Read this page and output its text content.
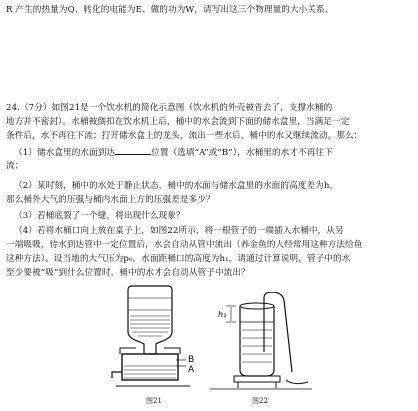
R 产生的热量为Q、转化的电能为E、做的功为W，请写出这三个物理量的大小关系。
24.（7分）如图21是一个饮水机的简化示意图（饮水机的外壳被省去了，支撑水桶的
地方并不密封）。水桶被倒扣在饮水机上后，桶中的水会流到下面的储水盒里，当满足一定
条件后，水不再往下流；打开储水盒上的龙头，流出一些水后，桶中的水又继续流动。那么：
（1）储水盒里的水面到达	位置（选填“A”或“B”），水桶里的水才不再往下
流；
（2）某时刻，桶中的水处于静止状态，桶中的水面与储水盒里的水面的高度差为h，
那么桶外大气的压强与桶内水面上方的压强差是多少？
（3）若桶底裂了一个缝，将出现什么现象？
（4）若将水桶口向上放在桌子上，如图22所示，将一根管子的一端插入水桶中，从另
一端吸吸，待水到达管中一定位置后，水会自动从管中流出（养金鱼的人经常用这种方法给鱼
这种方法）。设当地的大气压为p₀，水面距桶口的高度为h₁，请通过计算说明，管子中的水
至少要被“吸”到什么位置时，桶中的水才会自动从管子中流出？
B
A
图21
h₁
图22
